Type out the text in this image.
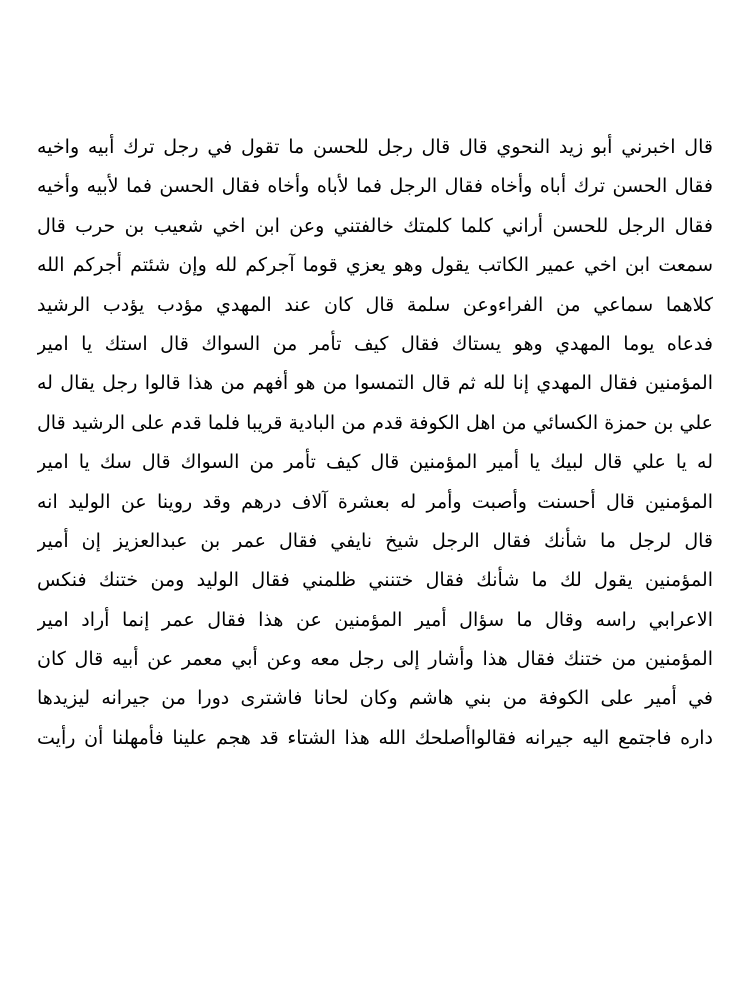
قال اخبرني أبو زيد النحوي قال قال رجل للحسن ما تقول في رجل ترك أبيه واخيه
فقال الحسن ترك أباه وأخاه فقال الرجل فما لأباه وأخاه فقال الحسن فما لأبيه وأخيه
فقال الرجل للحسن أراني كلما كلمتك خالفتني وعن ابن اخي شعيب بن حرب قال
سمعت ابن اخي عمير الكاتب يقول وهو يعزي قوما آجركم لله وإن شئتم أجركم الله
كلاهما سماعي من الفراءوعن سلمة قال كان عند المهدي مؤدب يؤدب الرشيد
فدعاه يوما المهدي وهو يستاك فقال كيف تأمر من السواك قال استك يا امير
المؤمنين فقال المهدي إنا لله ثم قال التمسوا من هو أفهم من هذا قالوا رجل يقال له
علي بن حمزة الكسائي من اهل الكوفة قدم من البادية قريبا فلما قدم على الرشيد قال
له يا علي قال لبيك يا أمير المؤمنين قال كيف تأمر من السواك قال سك يا امير
المؤمنين قال أحسنت وأصبت وأمر له بعشرة آلاف درهم وقد روينا عن الوليد انه
قال لرجل ما شأنك فقال الرجل شيخ نايفي فقال عمر بن عبدالعزيز إن أمير
المؤمنين يقول لك ما شأنك فقال ختنني ظلمني فقال الوليد ومن ختنك فنكس
الاعرابي راسه وقال ما سؤال أمير المؤمنين عن هذا فقال عمر إنما أراد امير
المؤمنين من ختنك فقال هذا وأشار إلى رجل معه وعن أبي معمر عن أبيه قال كان
في أمير على الكوفة من بني هاشم وكان لحانا فاشترى دورا من جيرانه ليزيدها
داره فاجتمع اليه جيرانه فقالواأصلحك الله هذا الشتاء قد هجم علينا فأمهلنا أن رأيت
